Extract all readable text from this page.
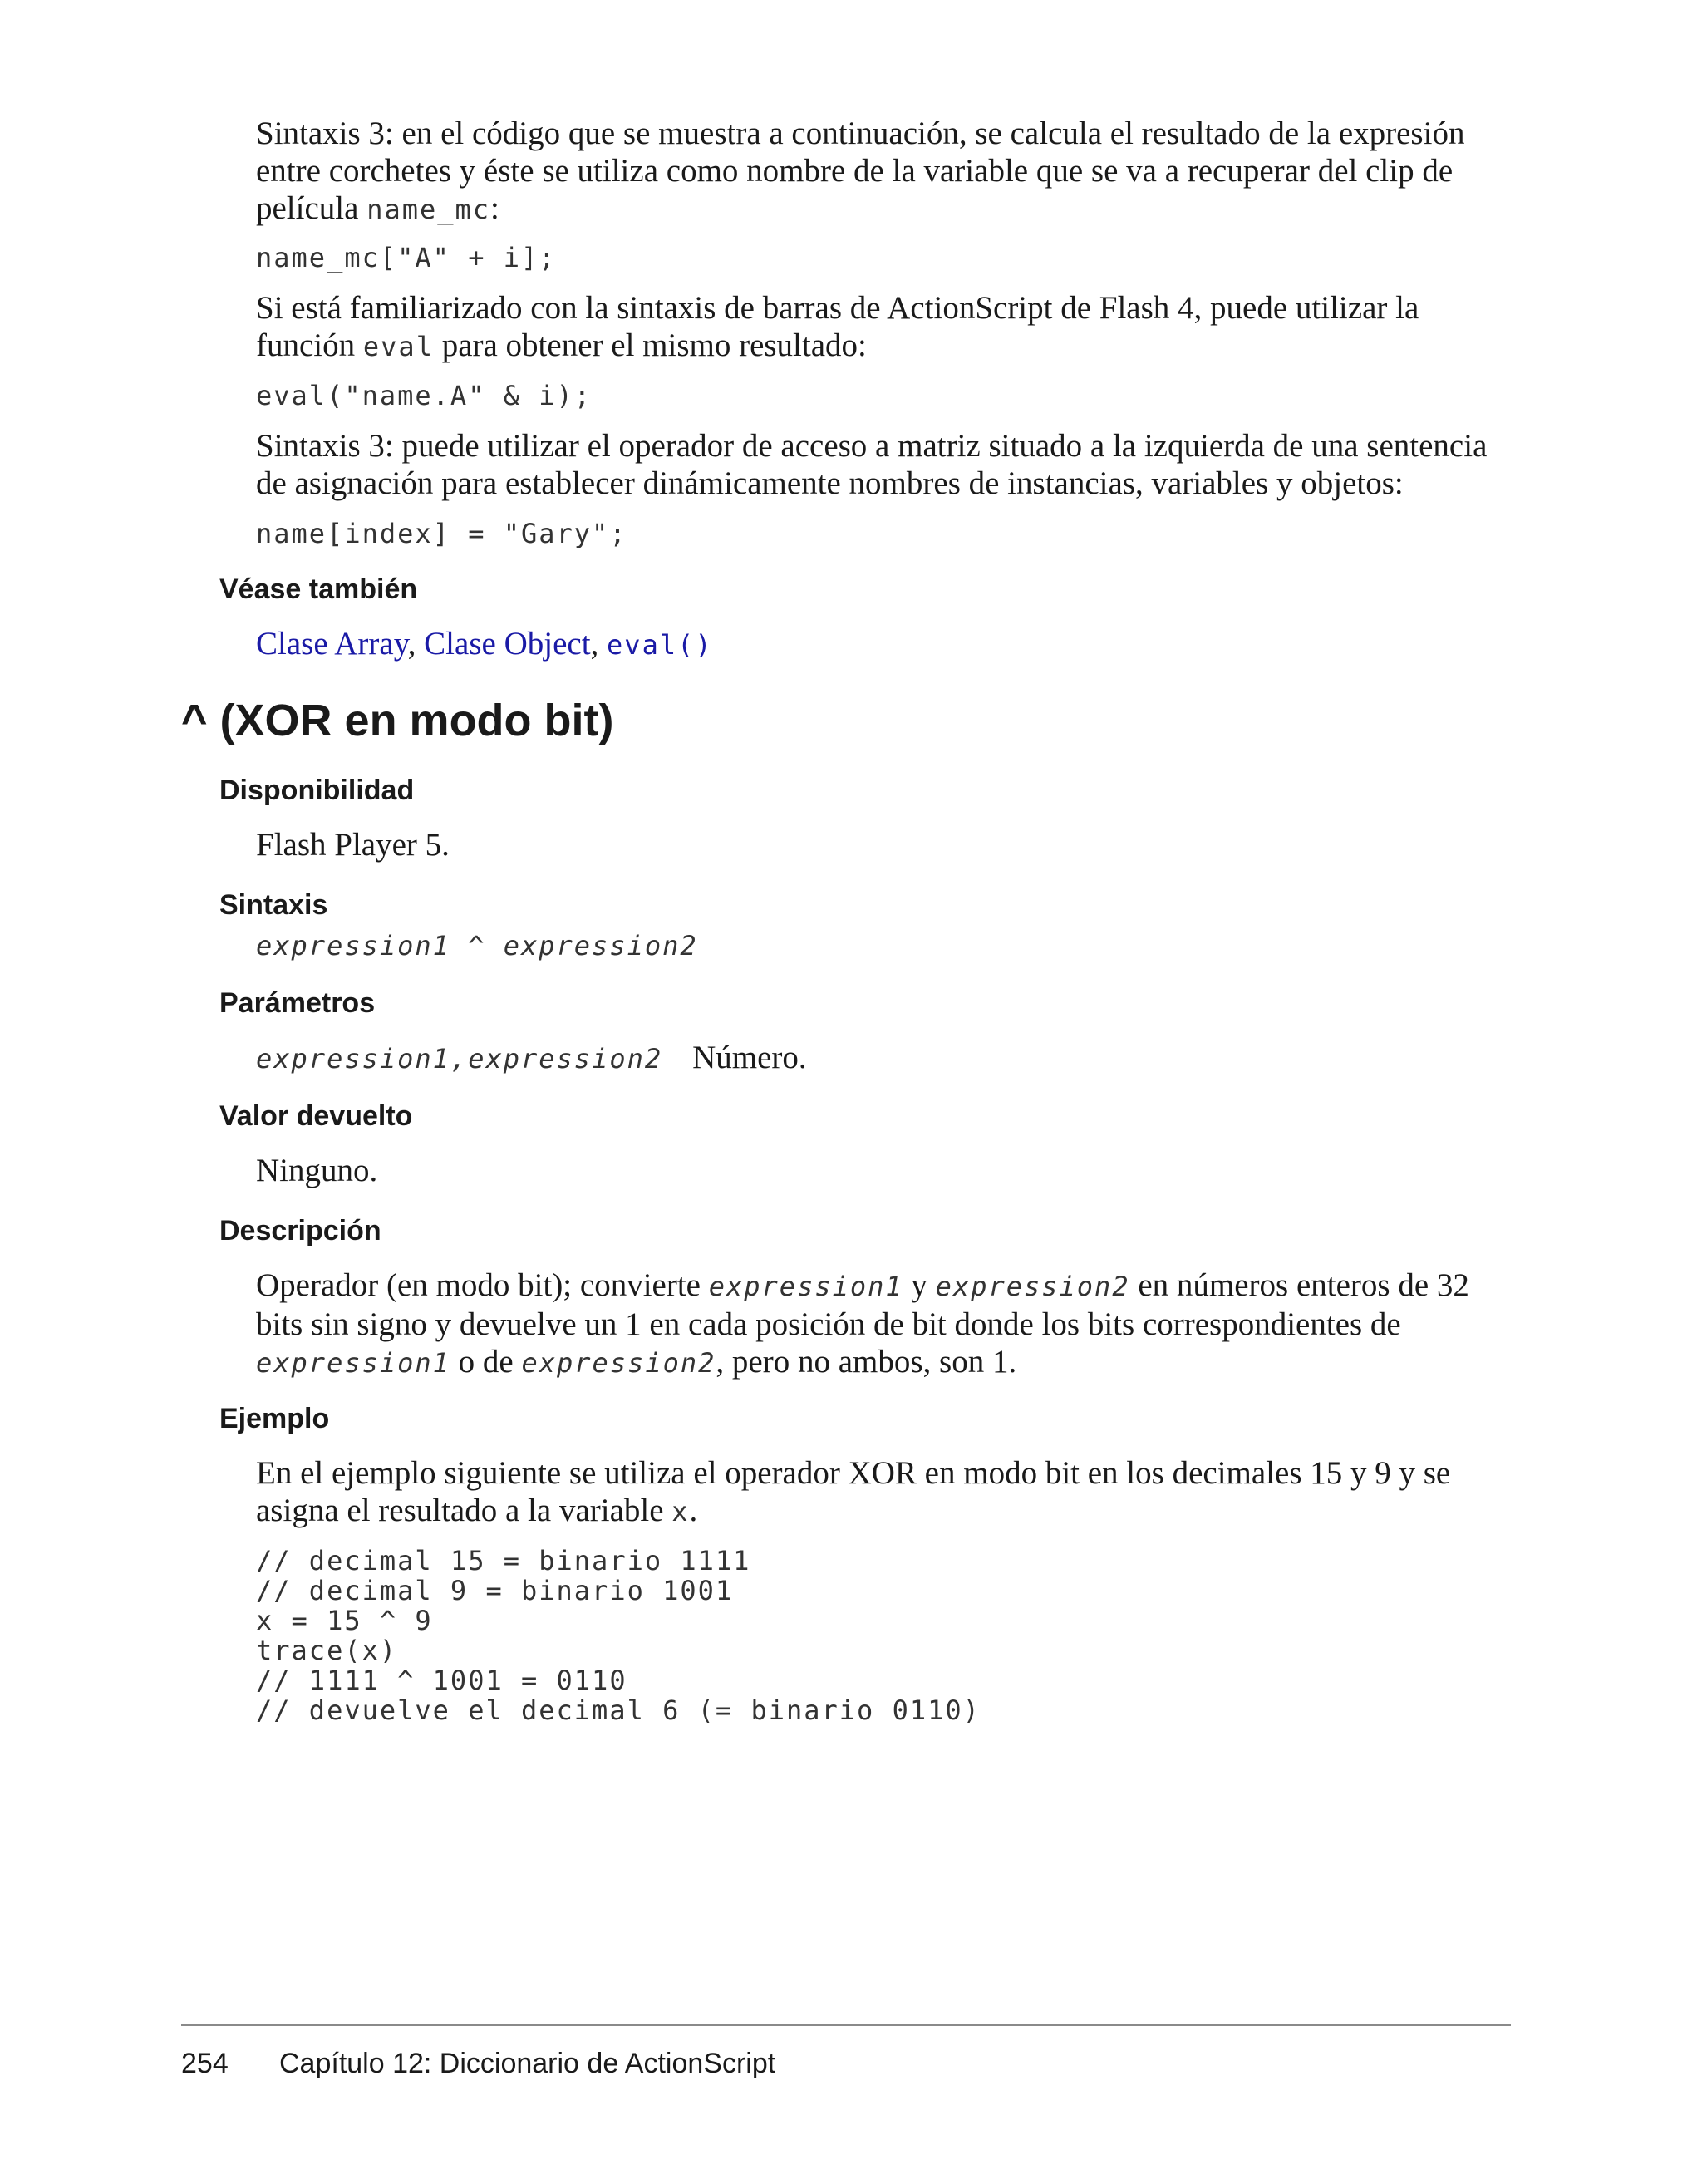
Sintaxis 3: en el código que se muestra a continuación, se calcula el resultado de la expresión entre corchetes y éste se utiliza como nombre de la variable que se va a recuperar del clip de película name_mc:

name_mc["A" + i];

Si está familiarizado con la sintaxis de barras de ActionScript de Flash 4, puede utilizar la función eval para obtener el mismo resultado:

eval("name.A" & i);

Sintaxis 3: puede utilizar el operador de acceso a matriz situado a la izquierda de una sentencia de asignación para establecer dinámicamente nombres de instancias, variables y objetos:

name[index] = "Gary";
Véase también

Clase Array, Clase Object, eval()

^ (XOR en modo bit)
Disponibilidad

Flash Player 5.

Sintaxis
expression1 ^ expression2
Parámetros
expression1,expression2 Número.
Valor devuelto

Ninguno.

Descripción

Operador (en modo bit); convierte expression1 y expression2 en números enteros de 32 bits sin signo y devuelve un 1 en cada posición de bit donde los bits correspondientes de expression1 o de expression2, pero no ambos, son 1.

Ejemplo

En el ejemplo siguiente se utiliza el operador XOR en modo bit en los decimales 15 y 9 y se asigna el resultado a la variable x.

// decimal 15 = binario 1111
// decimal 9 = binario 1001
x = 15 ^ 9
trace(x)
// 1111 ^ 1001 = 0110
// devuelve el decimal 6 (= binario 0110)
254 Capítulo 12: Diccionario de ActionScript
